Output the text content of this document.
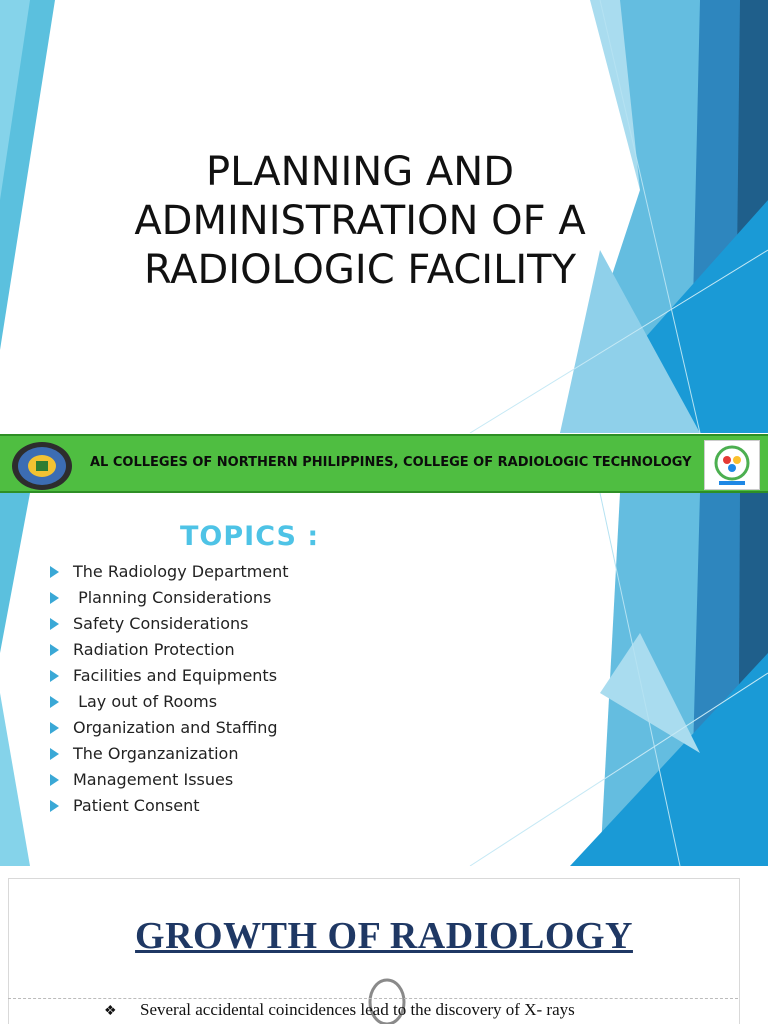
PLANNING AND
ADMINISTRATION OF A
RADIOLOGIC FACILITY
AL COLLEGES OF NORTHERN PHILIPPINES, COLLEGE OF RADIOLOGIC TECHNOLOGY
TOPICS :
The Radiology Department
Planning Considerations
Safety Considerations
Radiation Protection
Facilities and Equipments
Lay out of Rooms
Organization and Staffing
The Organzanization
Management Issues
Patient Consent
GROWTH OF RADIOLOGY
❖ Several accidental coincidences lead to the discovery of X- rays
